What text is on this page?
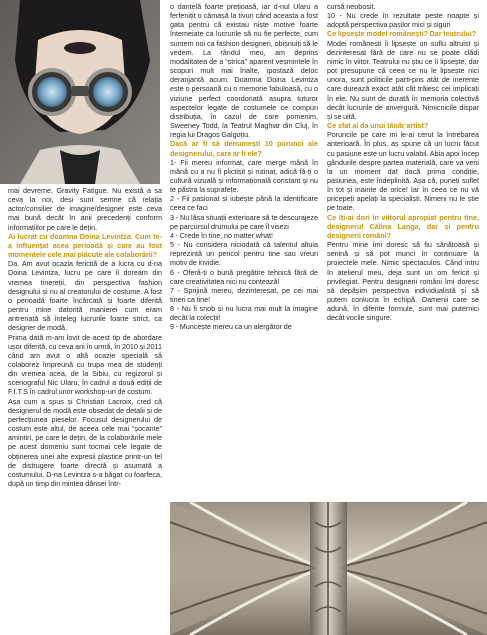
mai devreme, Gravity Fatigue. Nu există a sa ceva la noi, deși sunt semne că relația actor/consilier de imagine/designer este ceva mai bună decât în anii precedenți conform informațiilor pe care le dețin.

Ai lucrat cu doamna Doina Levintza. Cum te-a influențat acea perioadă și care au fost momentele cele mai plăcute ale colaborării?

Da. Am avut ocazia fericită de a lucra cu d-na Doina Levintza, lucru pe care il doream din vremea tinereții, din perspectiva fashion designului și nu al creatorului de costume. A fost o perioadă foarte încărcată și foarte diferită pentru mine datorită manierei cum eram antrenată să înțeleg lucrurile foarte strict, ca designer de modă.

Prima dată m-am lovit de acest tip de abordare ușor diferită, cu ceva ani în urmă, în 2010 și 2011 când am avut o altă ocazie specială să colaborez împreună cu trupa mea de studenți din vremea acea, de la Sibiu, cu regizorul și scenograful Nic Ularu, în cadrul a două ediții de F.I.T.S în cadrul unor workshop-uri de costum.

Așa cum a spus și Christian Lacroix, cred că designerul de modă este obsedat de detalii și de perfecțiunea pieselor. Focusul designerului de costum este altul, de aceea cele mai “șocante” amintiri, pe care le dețin, de la colaborările mele pe acest domeniu sunt tocmai cele legate de obținerea unei alte expresii plastice printr-un fel de distrugere foarte directă și asumată a costumului. D-na Levintza s-a băgat cu foarfeca, după un timp din mintea dânsei într-

o dantelă foarte prețioasă, iar d-nul Ularu a ferfenițit o cămașă la tivuri când aceasta a fost gata pentru că existau niște motive foarte întemeiate ca lucrurile să nu fie perfecte, cum suntem noi ca fashion designeri, obișnuiți să le vedem. La rândul meu, am deprins modalitatea de a “strica” aparent veșmintele în scopuri mult mai înalte, ipostază deloc deranjantă acum. Doamna Doina Levintza este o persoană cu o memorie fabuloasă, cu o viziune perfect coordonată asupra tuturor aspectelor legate de costumele ce compun distribuția, în cazul de care pomenim, Sweeney Todd, la Teatrul Maghiar din Cluj, în regia lui Dragoș Galgoțiu.

Dacă ar fi să denumești 10 porunci ale designerului, care ar fi ele?

1- Fii mereu informat, care merge mână în mână cu a nu fi plictisit și rutinat, adică fă-ți o cultură vizuală și informațională constant și nu te păstra la suprafețe.

2 - Fii pasionat și iubește până la identificare ceea ce faci

3 - Nu lăsa situații exterioare să te descurajeze pe parcursul drumului pe care îl visezi

4 - Crede în tine, no matter what!

5 - Nu considera niciodată că talentul altuia reprezintă un pericol pentru tine sau vreun motiv de invidie.

6 - Oferă-ți o bună pregătire tehnică fără de care creativitatea nici nu contează!

7 - Sprijină mereu, dezinteresat, pe cei mai tineri ca tine!

8 - Nu fi snob și nu lucra mai mult la imagine decât la colecții!

9 - Muncește mereu ca un alergător de

cursă neobosit.

10 - Nu crede în rezultate peste noapte și adoptă perspectiva pașilor mici și siguri

Ce lipsește modei românești? Dar teatrului?

Modei românești îi lipsește un suflu altruist și dezinteresat fără de care nu se poate clădi nimic în viitor. Teatrului nu știu ce îi lipsește, dar pot presupune că ceea ce nu le lipsește nici unora, sunt politicile parti-pris atât de inerente care durează exact atât cât trăiesc cei implicați în ele. Nu sunt de durată în memoria colectivă decât lucrurile de anvergură. Nimicnicile dispar și se uită.

Ce sfat ai da unui tânăr artist?

Poruncile pe care mi le-ai cerut la întrebarea anterioară. În plus, aș spune că un lucru făcut cu pasiune este un lucru valabil. Abia apoi încep gândurile despre partea materială, care va veni la un moment dat dacă prima condiție, pasiunea, este îndeplinită. Așa că, puneți suflet în tot și inainte de orice! Iar în ceea ce nu vă pricepeți apelați la specialiști. Nimeni nu le știe pe toate.

Ce îți-ai dori în viitorul apropiat pentru tine, designerul Călina Langa, dar și pentru designerii români?

Pentru mine îmi doresc să fiu sănătoasă și senină și să pot munci în continuare la proiectele mele. Nimic spectaculos. Când intru în atelierul meu, deja sunt un om fericit și privilegiat. Pentru designerii români îmi doresc să depășim perspectiva individualistă și să putem conlucra în echipă. Oamenii care se adună, în diferite formule, sunt mai puternici decât vocile singure.
